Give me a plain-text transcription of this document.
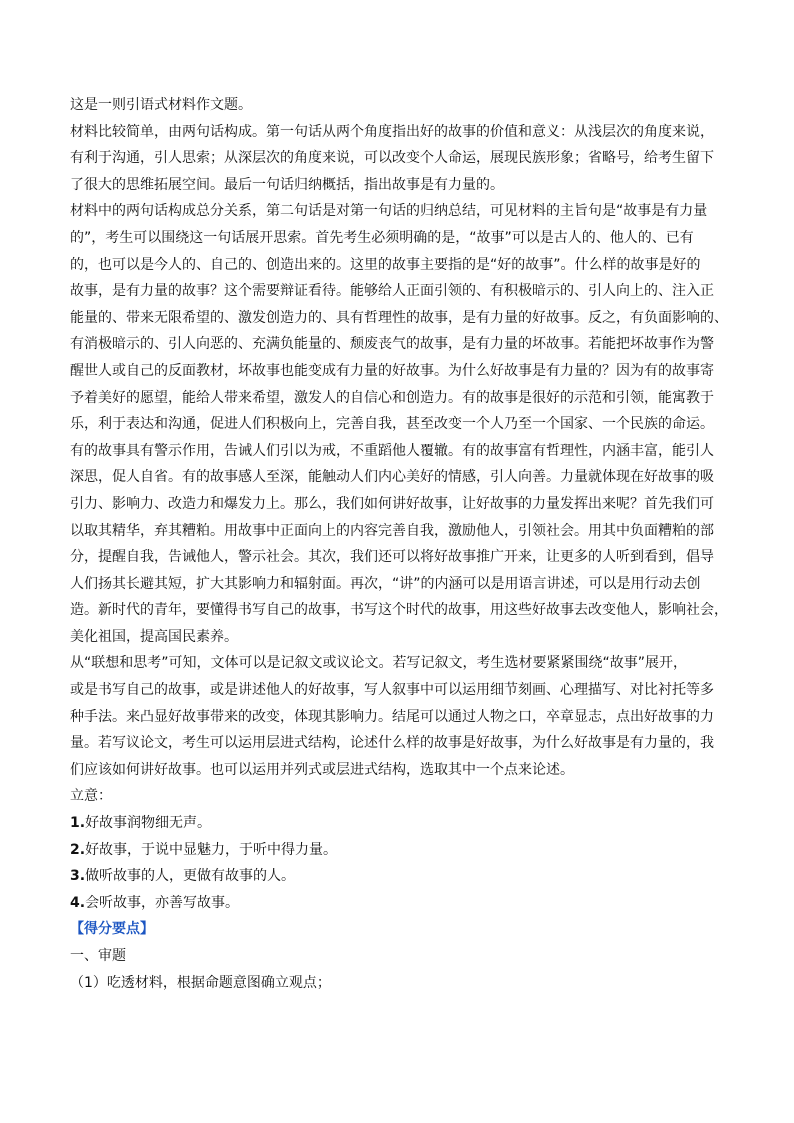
这是一则引语式材料作文题。

材料比较简单，由两句话构成。第一句话从两个角度指出好的故事的价值和意义：从浅层次的角度来说，

有利于沟通，引人思索；从深层次的角度来说，可以改变个人命运，展现民族形象；省略号，给考生留下

了很大的思维拓展空间。最后一句话归纳概括，指出故事是有力量的。

材料中的两句话构成总分关系，第二句话是对第一句话的归纳总结，可见材料的主旨句是“故事是有力量

的”，考生可以围绕这一句话展开思索。首先考生必须明确的是，“故事”可以是古人的、他人的、已有

的，也可以是今人的、自己的、创造出来的。这里的故事主要指的是“好的故事”。什么样的故事是好的

故事，是有力量的故事？这个需要辩证看待。能够给人正面引领的、有积极暗示的、引人向上的、注入正

能量的、带来无限希望的、激发创造力的、具有哲理性的故事，是有力量的好故事。反之，有负面影响的、

有消极暗示的、引人向恶的、充满负能量的、颓废丧气的故事，是有力量的坏故事。若能把坏故事作为警

醒世人或自己的反面教材，坏故事也能变成有力量的好故事。为什么好故事是有力量的？因为有的故事寄

予着美好的愿望，能给人带来希望，激发人的自信心和创造力。有的故事是很好的示范和引领，能寓教于

乐，利于表达和沟通，促进人们积极向上，完善自我，甚至改变一个人乃至一个国家、一个民族的命运。

有的故事具有警示作用，告诫人们引以为戒，不重蹈他人覆辙。有的故事富有哲理性，内涵丰富，能引人

深思，促人自省。有的故事感人至深，能触动人们内心美好的情感，引人向善。力量就体现在好故事的吸

引力、影响力、改造力和爆发力上。那么，我们如何讲好故事，让好故事的力量发挥出来呢？首先我们可

以取其精华，弃其糟粕。用故事中正面向上的内容完善自我，激励他人，引领社会。用其中负面糟粕的部

分，提醒自我，告诫他人，警示社会。其次，我们还可以将好故事推广开来，让更多的人听到看到，倡导

人们扬其长避其短，扩大其影响力和辐射面。再次，“讲”的内涵可以是用语言讲述，可以是用行动去创

造。新时代的青年，要懂得书写自己的故事，书写这个时代的故事，用这些好故事去改变他人，影响社会，

美化祖国，提高国民素养。

从“联想和思考”可知，文体可以是记叙文或议论文。若写记叙文，考生选材要紧紧围绕“故事”展开，

或是书写自己的故事，或是讲述他人的好故事，写人叙事中可以运用细节刻画、心理描写、对比衬托等多

种手法。来凸显好故事带来的改变，体现其影响力。结尾可以通过人物之口，卒章显志，点出好故事的力

量。若写议论文，考生可以运用层进式结构，论述什么样的故事是好故事，为什么好故事是有力量的，我

们应该如何讲好故事。也可以运用并列式或层进式结构，选取其中一个点来论述。

立意：

1.好故事润物细无声。

2.好故事，于说中显魅力，于听中得力量。

3.做听故事的人，更做有故事的人。

4.会听故事，亦善写故事。

【得分要点】

一、审题

（1）吃透材料，根据命题意图确立观点；
